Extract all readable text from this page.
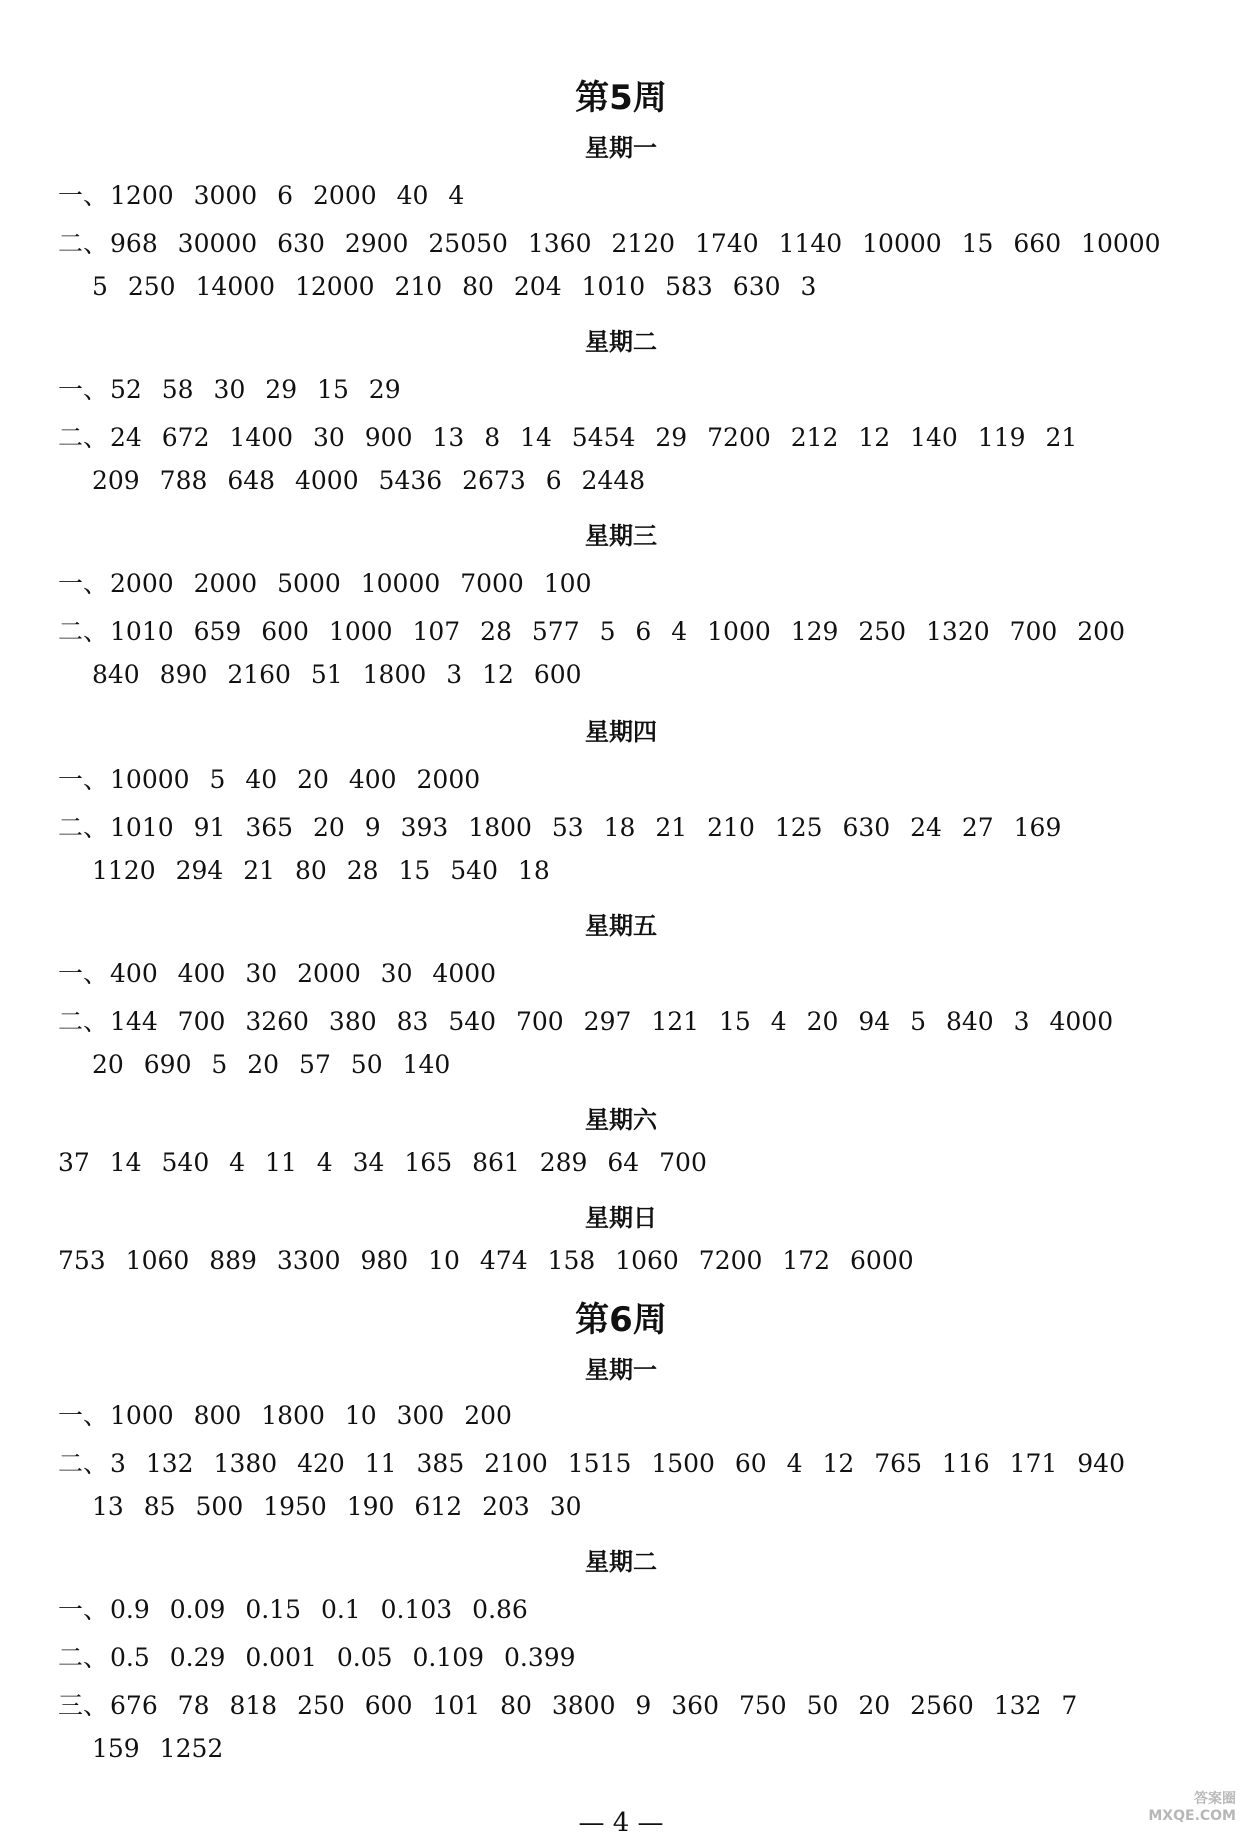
第5周
星期一
一、 1200 3000 6 2000 40 4
二、 968 30000 630 2900 25050 1360 2120 1740 1140 10000 15 660 10000
5 250 14000 12000 210 80 204 1010 583 630 3
星期二
一、 52 58 30 29 15 29
二、 24 672 1400 30 900 13 8 14 5454 29 7200 212 12 140 119 21
209 788 648 4000 5436 2673 6 2448
星期三
一、 2000 2000 5000 10000 7000 100
二、 1010 659 600 1000 107 28 577 5 6 4 1000 129 250 1320 700 200
840 890 2160 51 1800 3 12 600
星期四
一、 10000 5 40 20 400 2000
二、 1010 91 365 20 9 393 1800 53 18 21 210 125 630 24 27 169
1120 294 21 80 28 15 540 18
星期五
一、 400 400 30 2000 30 4000
二、 144 700 3260 380 83 540 700 297 121 15 4 20 94 5 840 3 4000
20 690 5 20 57 50 140
星期六
37 14 540 4 11 4 34 165 861 289 64 700
星期日
753 1060 889 3300 980 10 474 158 1060 7200 172 6000
第6周
星期一
一、 1000 800 1800 10 300 200
二、 3 132 1380 420 11 385 2100 1515 1500 60 4 12 765 116 171 940
13 85 500 1950 190 612 203 30
星期二
一、 0.9 0.09 0.15 0.1 0.103 0.86
二、 0.5 0.29 0.001 0.05 0.109 0.399
三、 676 78 818 250 600 101 80 3800 9 360 750 50 20 2560 132 7
159 1252
— 4 —
答案圈 MXQE.COM
